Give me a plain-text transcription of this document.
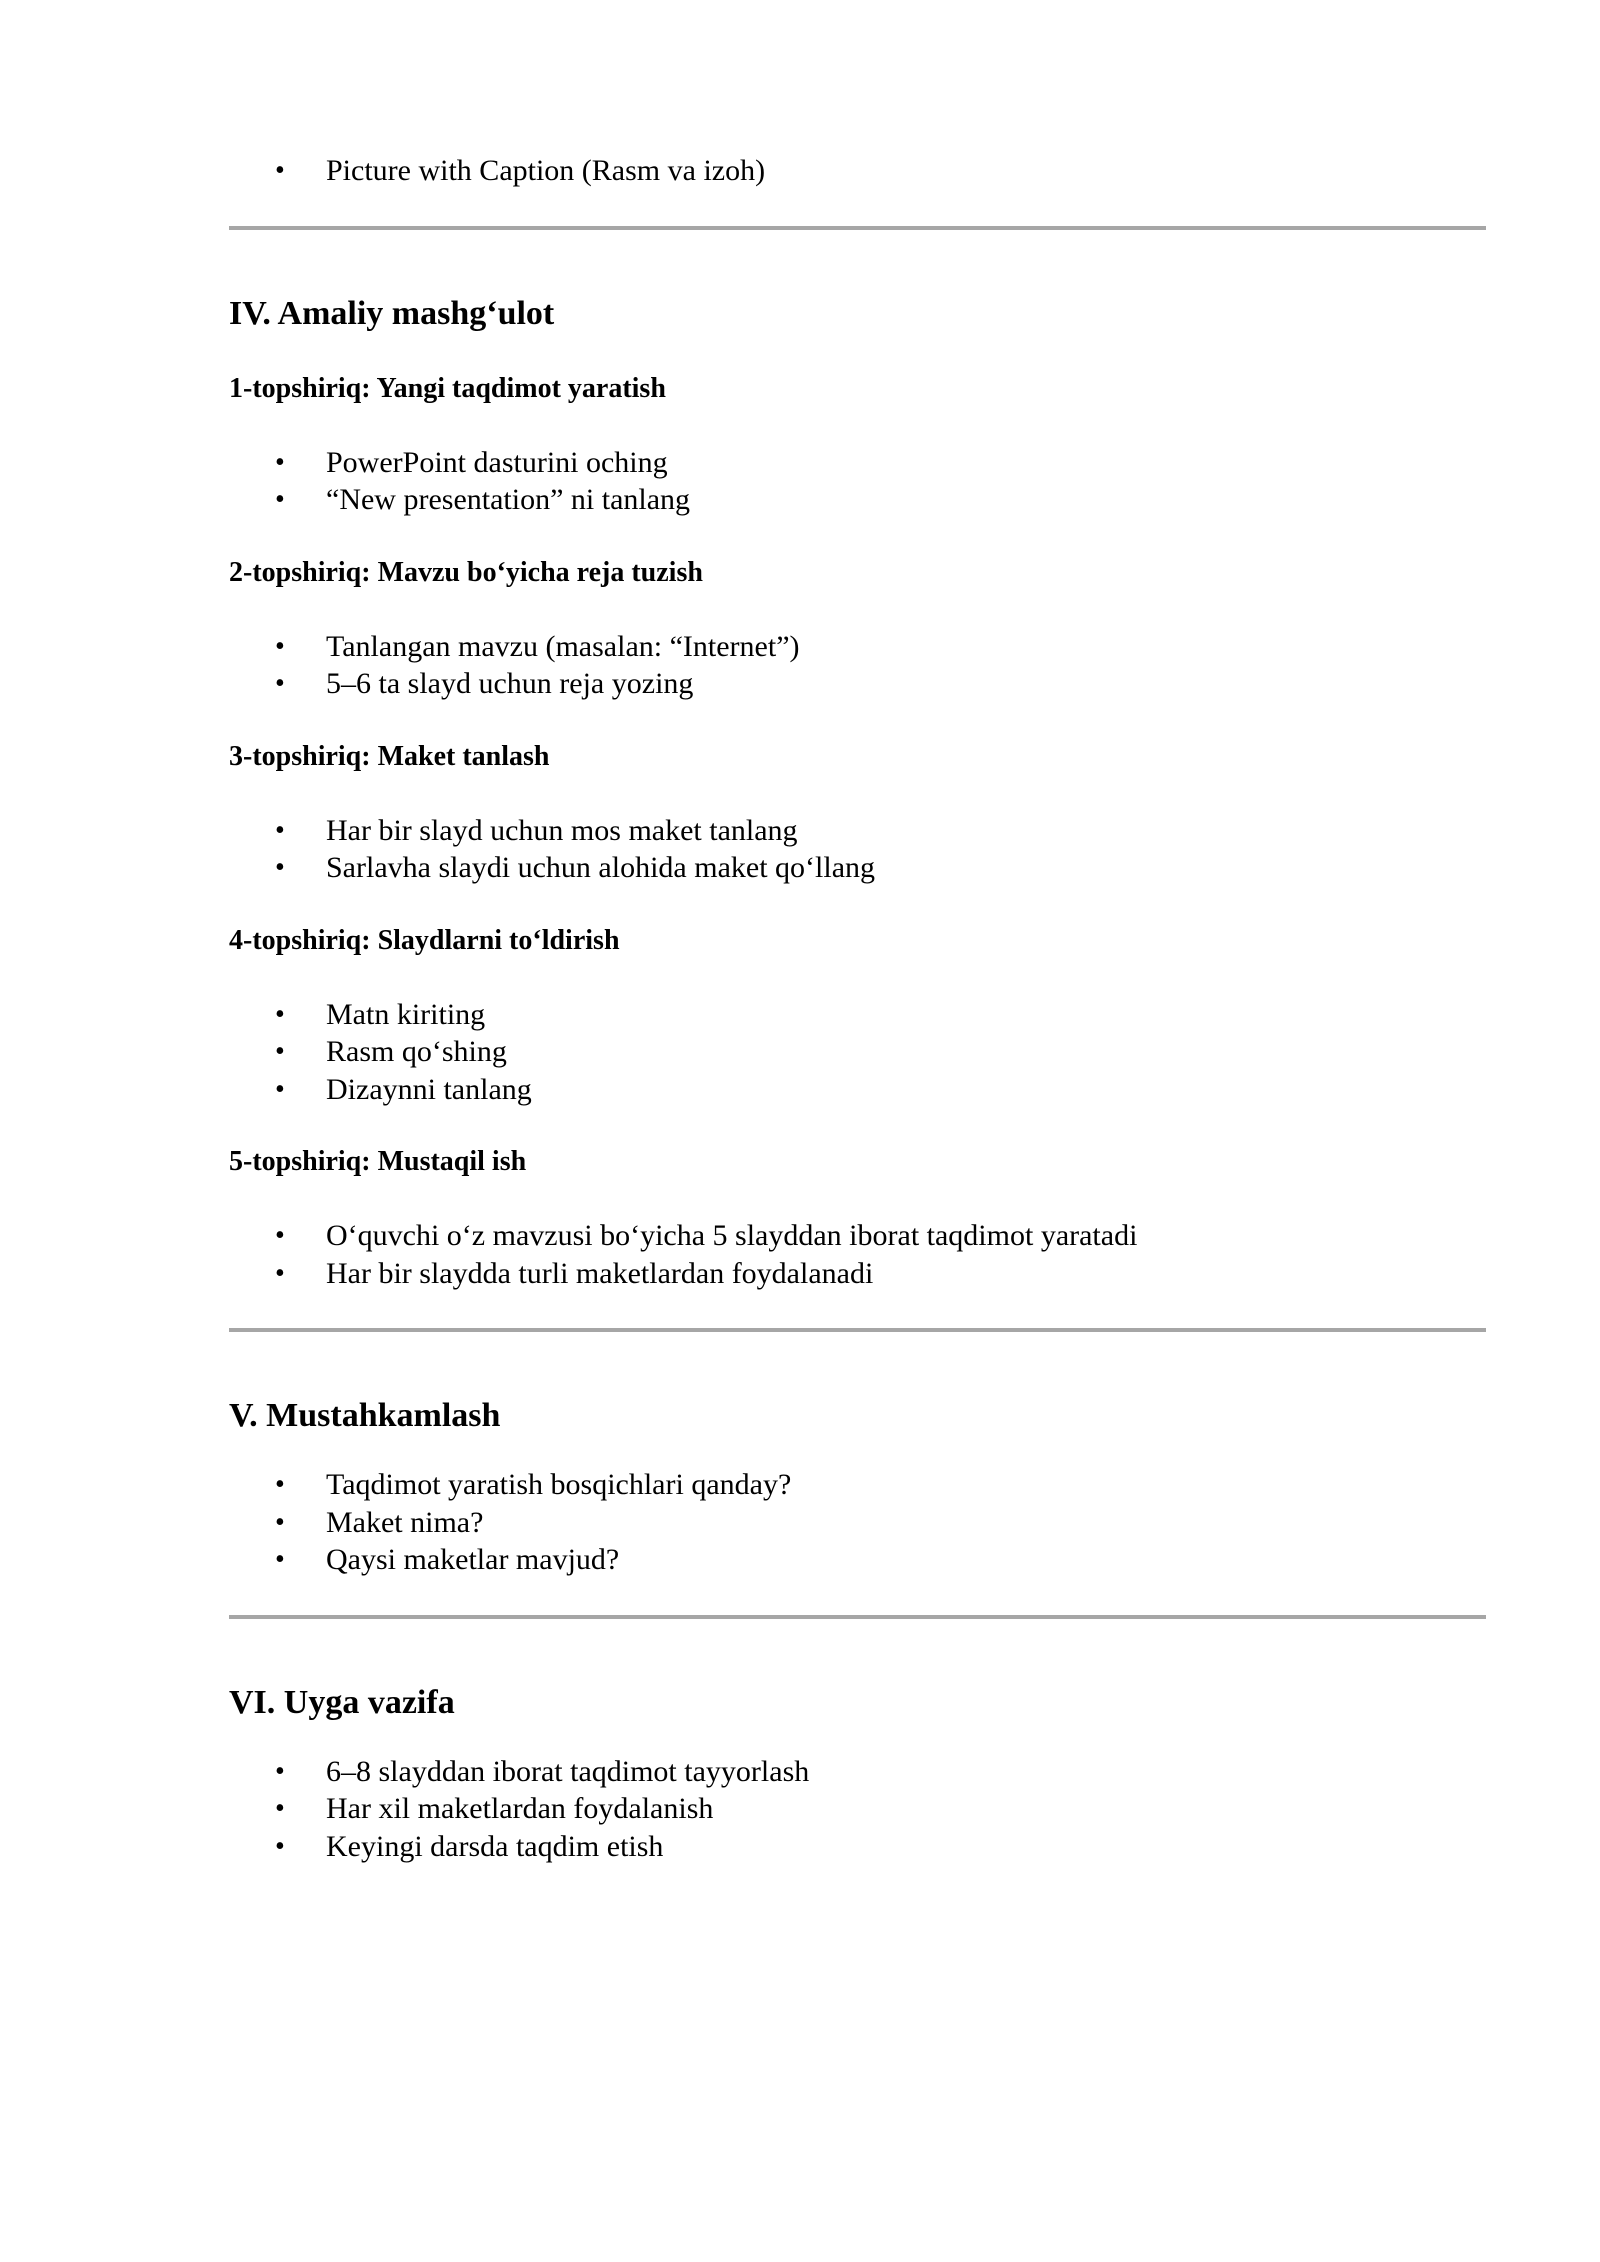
• Picture with Caption (Rasm va izoh)
IV. Amaliy mashg‘ulot
1-topshiriq: Yangi taqdimot yaratish
• PowerPoint dasturini oching
• “New presentation” ni tanlang
2-topshiriq: Mavzu bo‘yicha reja tuzish
• Tanlangan mavzu (masalan: “Internet”)
• 5–6 ta slayd uchun reja yozing
3-topshiriq: Maket tanlash
• Har bir slayd uchun mos maket tanlang
• Sarlavha slaydi uchun alohida maket qo‘llang
4-topshiriq: Slaydlarni to‘ldirish
• Matn kiriting
• Rasm qo‘shing
• Dizaynni tanlang
5-topshiriq: Mustaqil ish
• O‘quvchi o‘z mavzusi bo‘yicha 5 slayddan iborat taqdimot yaratadi
• Har bir slaydda turli maketlardan foydalanadi
V. Mustahkamlash
• Taqdimot yaratish bosqichlari qanday?
• Maket nima?
• Qaysi maketlar mavjud?
VI. Uyga vazifa
• 6–8 slayddan iborat taqdimot tayyorlash
• Har xil maketlardan foydalanish
• Keyingi darsda taqdim etish
